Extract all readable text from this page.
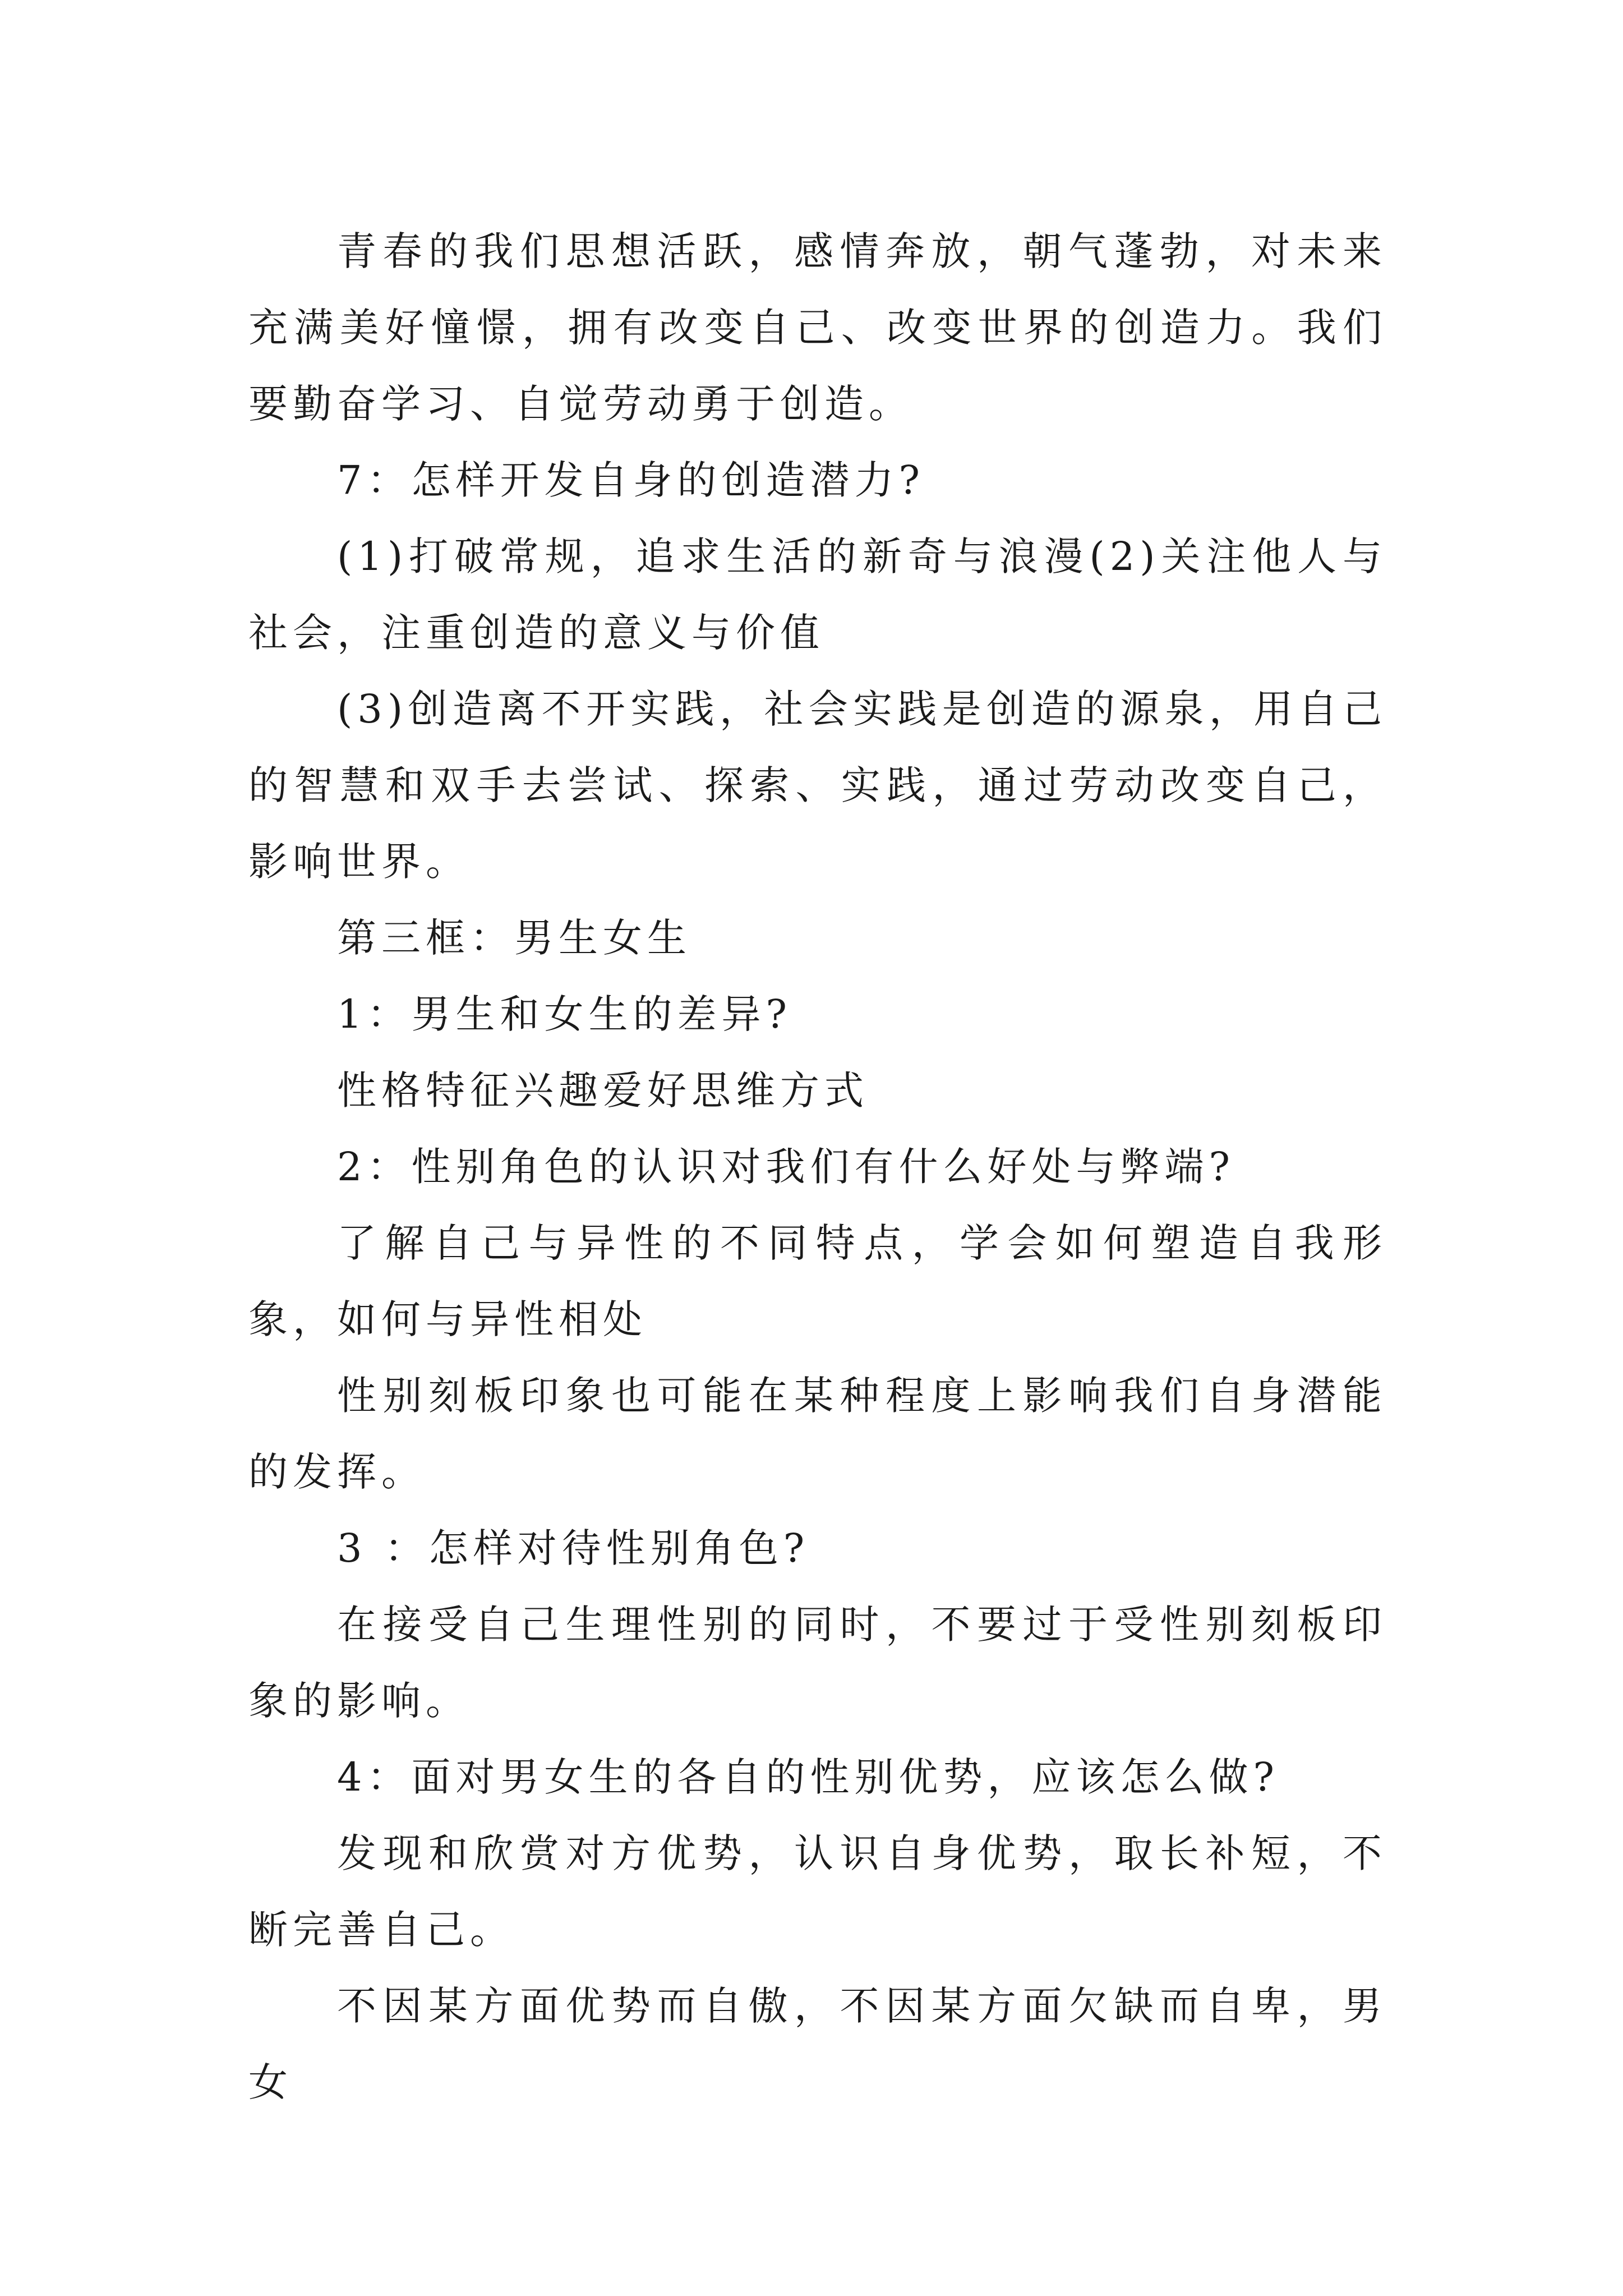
青春的我们思想活跃，感情奔放，朝气蓬勃，对未来充满美好憧憬，拥有改变自己、改变世界的创造力。我们要勤奋学习、自觉劳动勇于创造。

7：怎样开发自身的创造潜力?

(1)打破常规，追求生活的新奇与浪漫(2)关注他人与社会，注重创造的意义与价值

(3)创造离不开实践，社会实践是创造的源泉，用自己的智慧和双手去尝试、探索、实践，通过劳动改变自己，影响世界。

第三框：男生女生

1：男生和女生的差异?

性格特征兴趣爱好思维方式

2：性别角色的认识对我们有什么好处与弊端?

了解自己与异性的不同特点，学会如何塑造自我形象，如何与异性相处

性别刻板印象也可能在某种程度上影响我们自身潜能的发挥。

3 ：怎样对待性别角色?

在接受自己生理性别的同时，不要过于受性别刻板印象的影响。

4：面对男女生的各自的性别优势，应该怎么做?

发现和欣赏对方优势，认识自身优势，取长补短，不断完善自己。

不因某方面优势而自傲，不因某方面欠缺而自卑，男女
